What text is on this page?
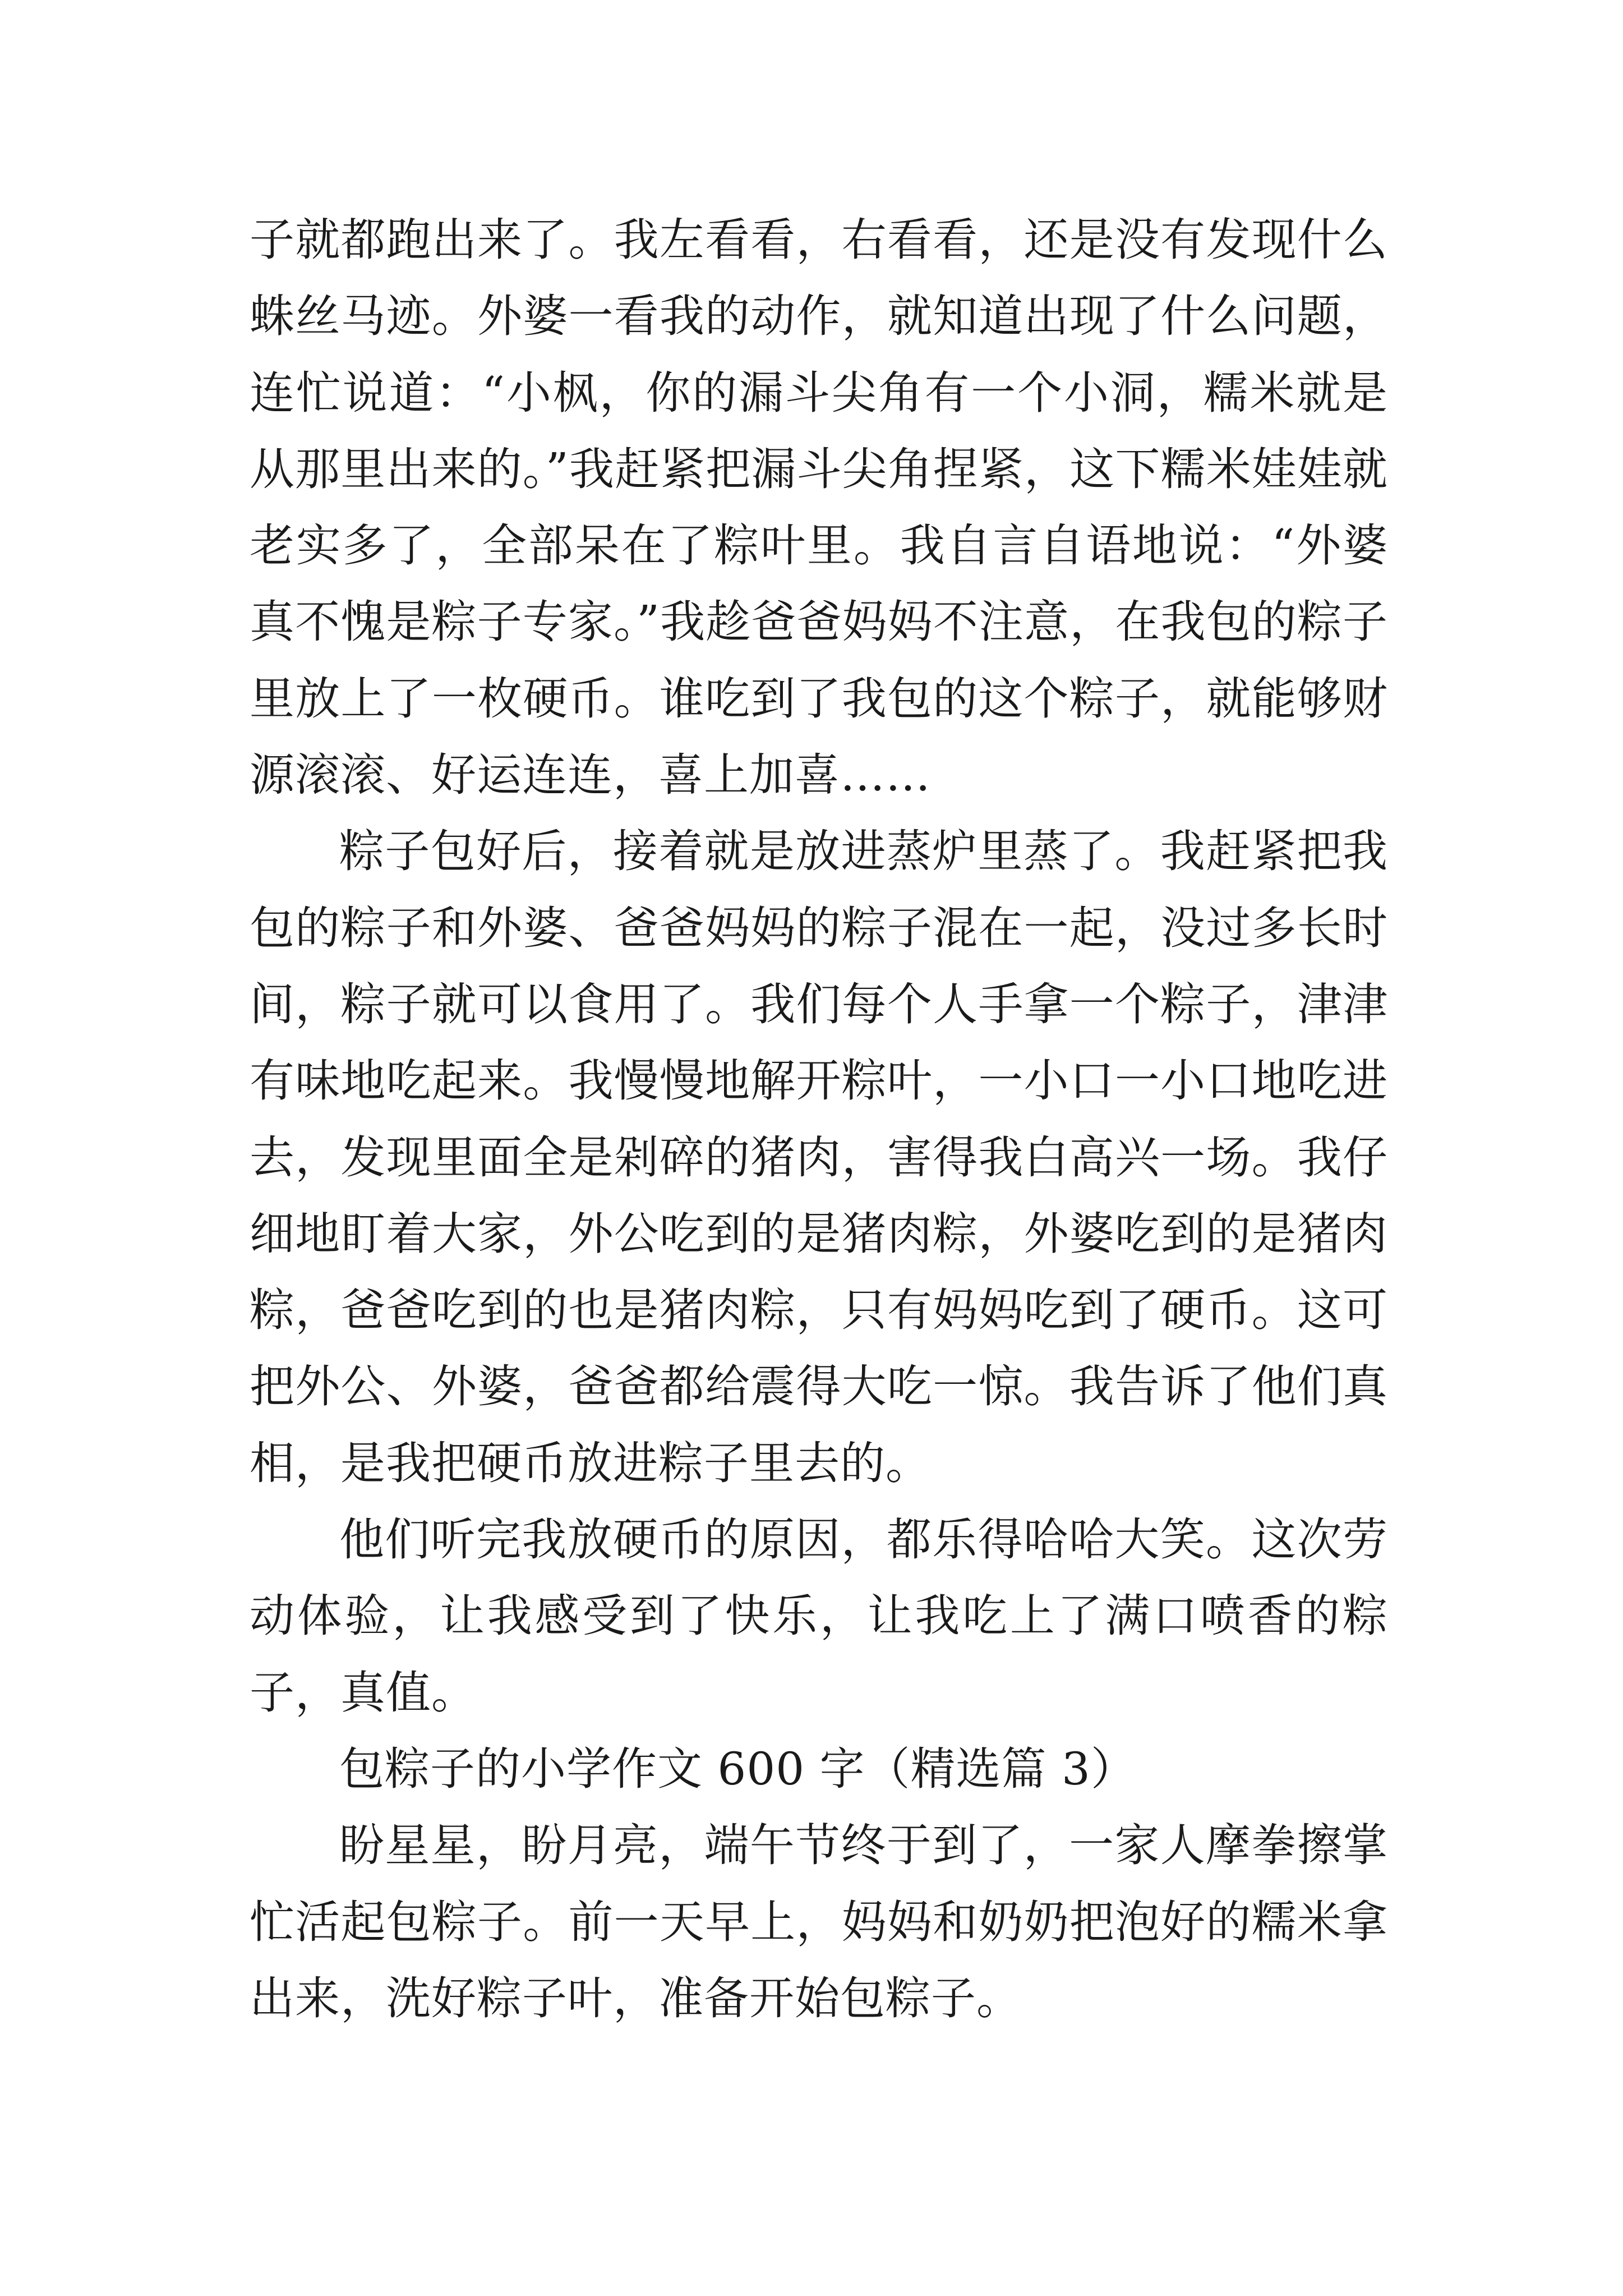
子就都跑出来了。我左看看，右看看，还是没有发现什么蛛丝马迹。外婆一看我的动作，就知道出现了什么问题，连忙说道：“小枫，你的漏斗尖角有一个小洞，糯米就是从那里出来的。”我赶紧把漏斗尖角捏紧，这下糯米娃娃就老实多了，全部呆在了粽叶里。我自言自语地说：“外婆真不愧是粽子专家。”我趁爸爸妈妈不注意，在我包的粽子里放上了一枚硬币。谁吃到了我包的这个粽子，就能够财源滚滚、好运连连，喜上加喜……

粽子包好后，接着就是放进蒸炉里蒸了。我赶紧把我包的粽子和外婆、爸爸妈妈的粽子混在一起，没过多长时间，粽子就可以食用了。我们每个人手拿一个粽子，津津有味地吃起来。我慢慢地解开粽叶，一小口一小口地吃进去，发现里面全是剁碎的猪肉，害得我白高兴一场。我仔细地盯着大家，外公吃到的是猪肉粽，外婆吃到的是猪肉粽，爸爸吃到的也是猪肉粽，只有妈妈吃到了硬币。这可把外公、外婆，爸爸都给震得大吃一惊。我告诉了他们真相，是我把硬币放进粽子里去的。

他们听完我放硬币的原因，都乐得哈哈大笑。这次劳动体验，让我感受到了快乐，让我吃上了满口喷香的粽子，真值。

包粽子的小学作文 600 字（精选篇 3）

盼星星，盼月亮，端午节终于到了，一家人摩拳擦掌忙活起包粽子。前一天早上，妈妈和奶奶把泡好的糯米拿出来，洗好粽子叶，准备开始包粽子。
